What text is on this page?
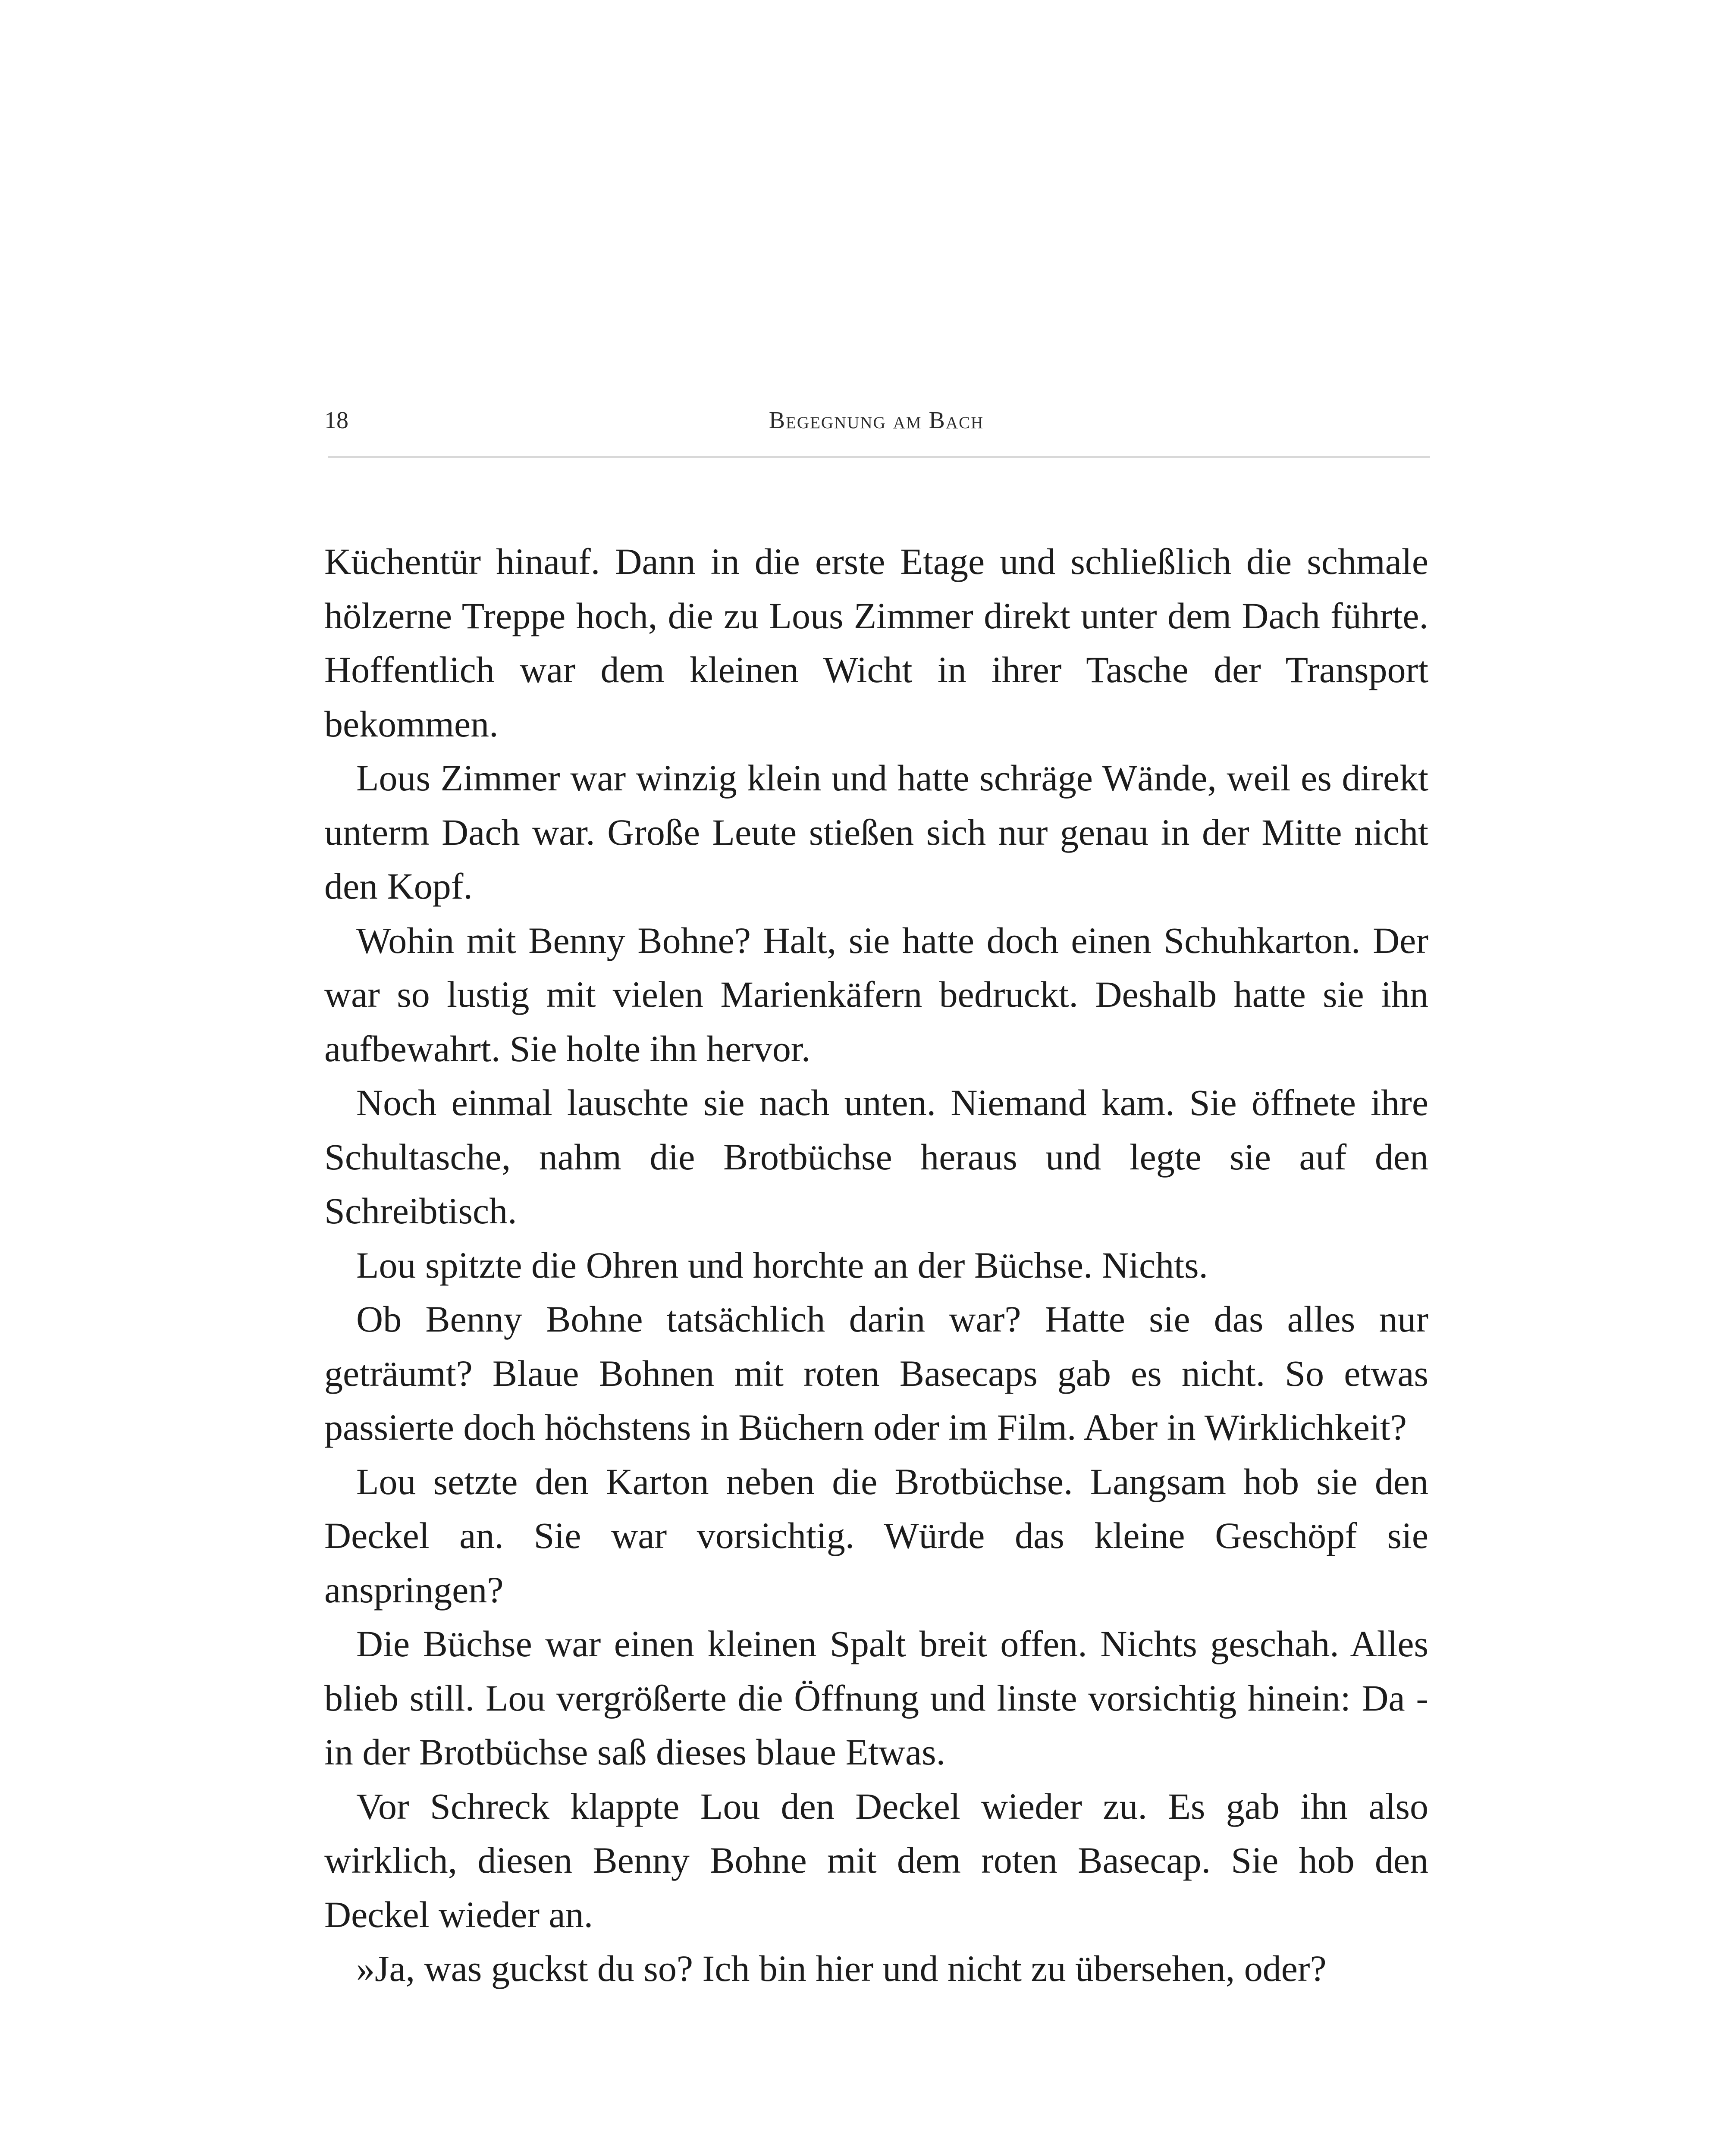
18	Begegnung am Bach

Küchentür hinauf. Dann in die erste Etage und schließlich die schmale hölzerne Treppe hoch, die zu Lous Zimmer direkt unter dem Dach führte. Hoffentlich war dem kleinen Wicht in ihrer Tasche der Transport bekommen.

Lous Zimmer war winzig klein und hatte schräge Wände, weil es direkt unterm Dach war. Große Leute stießen sich nur genau in der Mitte nicht den Kopf.

Wohin mit Benny Bohne? Halt, sie hatte doch einen Schuhkarton. Der war so lustig mit vielen Marienkäfern bedruckt. Deshalb hatte sie ihn aufbewahrt. Sie holte ihn hervor.

Noch einmal lauschte sie nach unten. Niemand kam. Sie öffnete ihre Schultasche, nahm die Brotbüchse heraus und legte sie auf den Schreibtisch.

Lou spitzte die Ohren und horchte an der Büchse. Nichts.

Ob Benny Bohne tatsächlich darin war? Hatte sie das alles nur geträumt? Blaue Bohnen mit roten Basecaps gab es nicht. So etwas passierte doch höchstens in Büchern oder im Film. Aber in Wirklichkeit?

Lou setzte den Karton neben die Brotbüchse. Langsam hob sie den Deckel an. Sie war vorsichtig. Würde das kleine Geschöpf sie anspringen?

Die Büchse war einen kleinen Spalt breit offen. Nichts geschah. Alles blieb still. Lou vergrößerte die Öffnung und linste vorsichtig hinein: Da - in der Brotbüchse saß dieses blaue Etwas.

Vor Schreck klappte Lou den Deckel wieder zu. Es gab ihn also wirklich, diesen Benny Bohne mit dem roten Basecap. Sie hob den Deckel wieder an.

»Ja, was guckst du so? Ich bin hier und nicht zu übersehen, oder?
